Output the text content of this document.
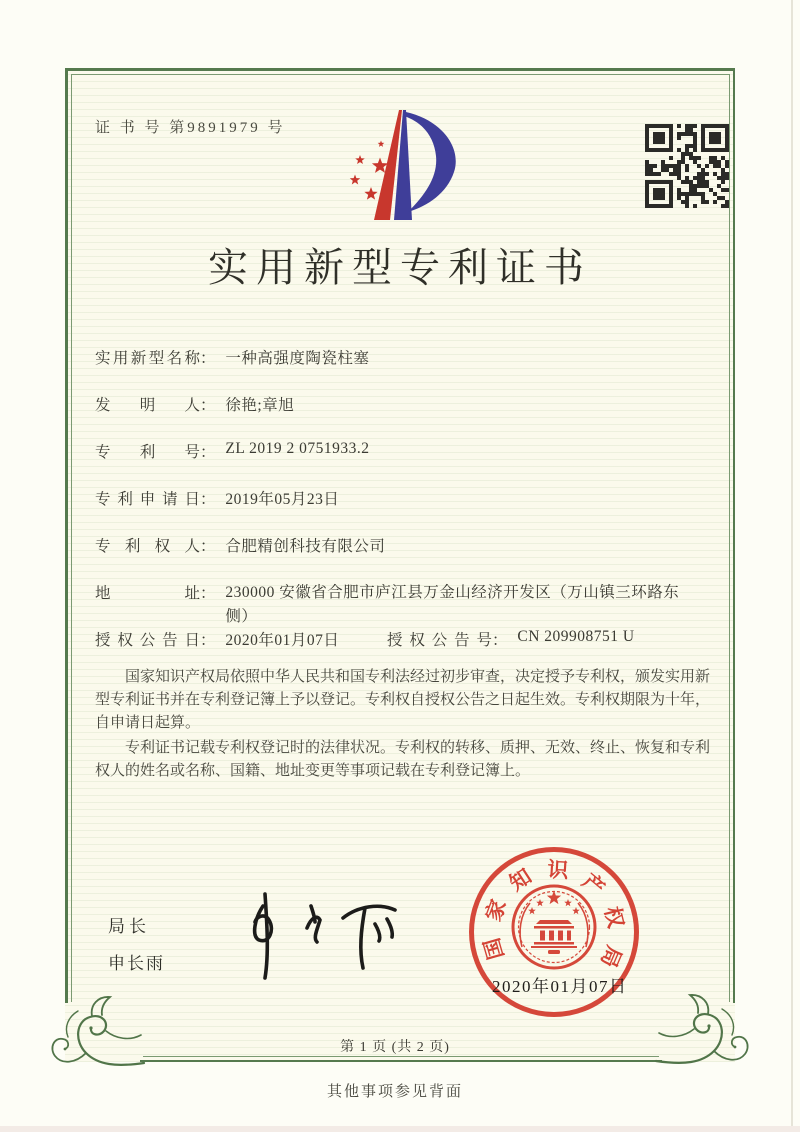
证 书 号 第9891979 号
实用新型专利证书
实用新型名称： 一种高强度陶瓷柱塞
发明人： 徐艳;章旭
专利号： ZL 2019 2 0751933.2
专利申请日： 2019年05月23日
专利权人： 合肥精创科技有限公司
地址： 230000 安徽省合肥市庐江县万金山经济开发区（万山镇三环路东侧）
授权公告日： 2020年01月07日	授权公告号： CN 209908751 U

国家知识产权局依照中华人民共和国专利法经过初步审查，决定授予专利权，颁发实用新型专利证书并在专利登记簿上予以登记。专利权自授权公告之日起生效。专利权期限为十年，自申请日起算。

专利证书记载专利权登记时的法律状况。专利权的转移、质押、无效、终止、恢复和专利权人的姓名或名称、国籍、地址变更等事项记载在专利登记簿上。

局长
申长雨
国
家
知 识 产
权
局
2020年01月07日
第 1 页 (共 2 页)
其他事项参见背面
